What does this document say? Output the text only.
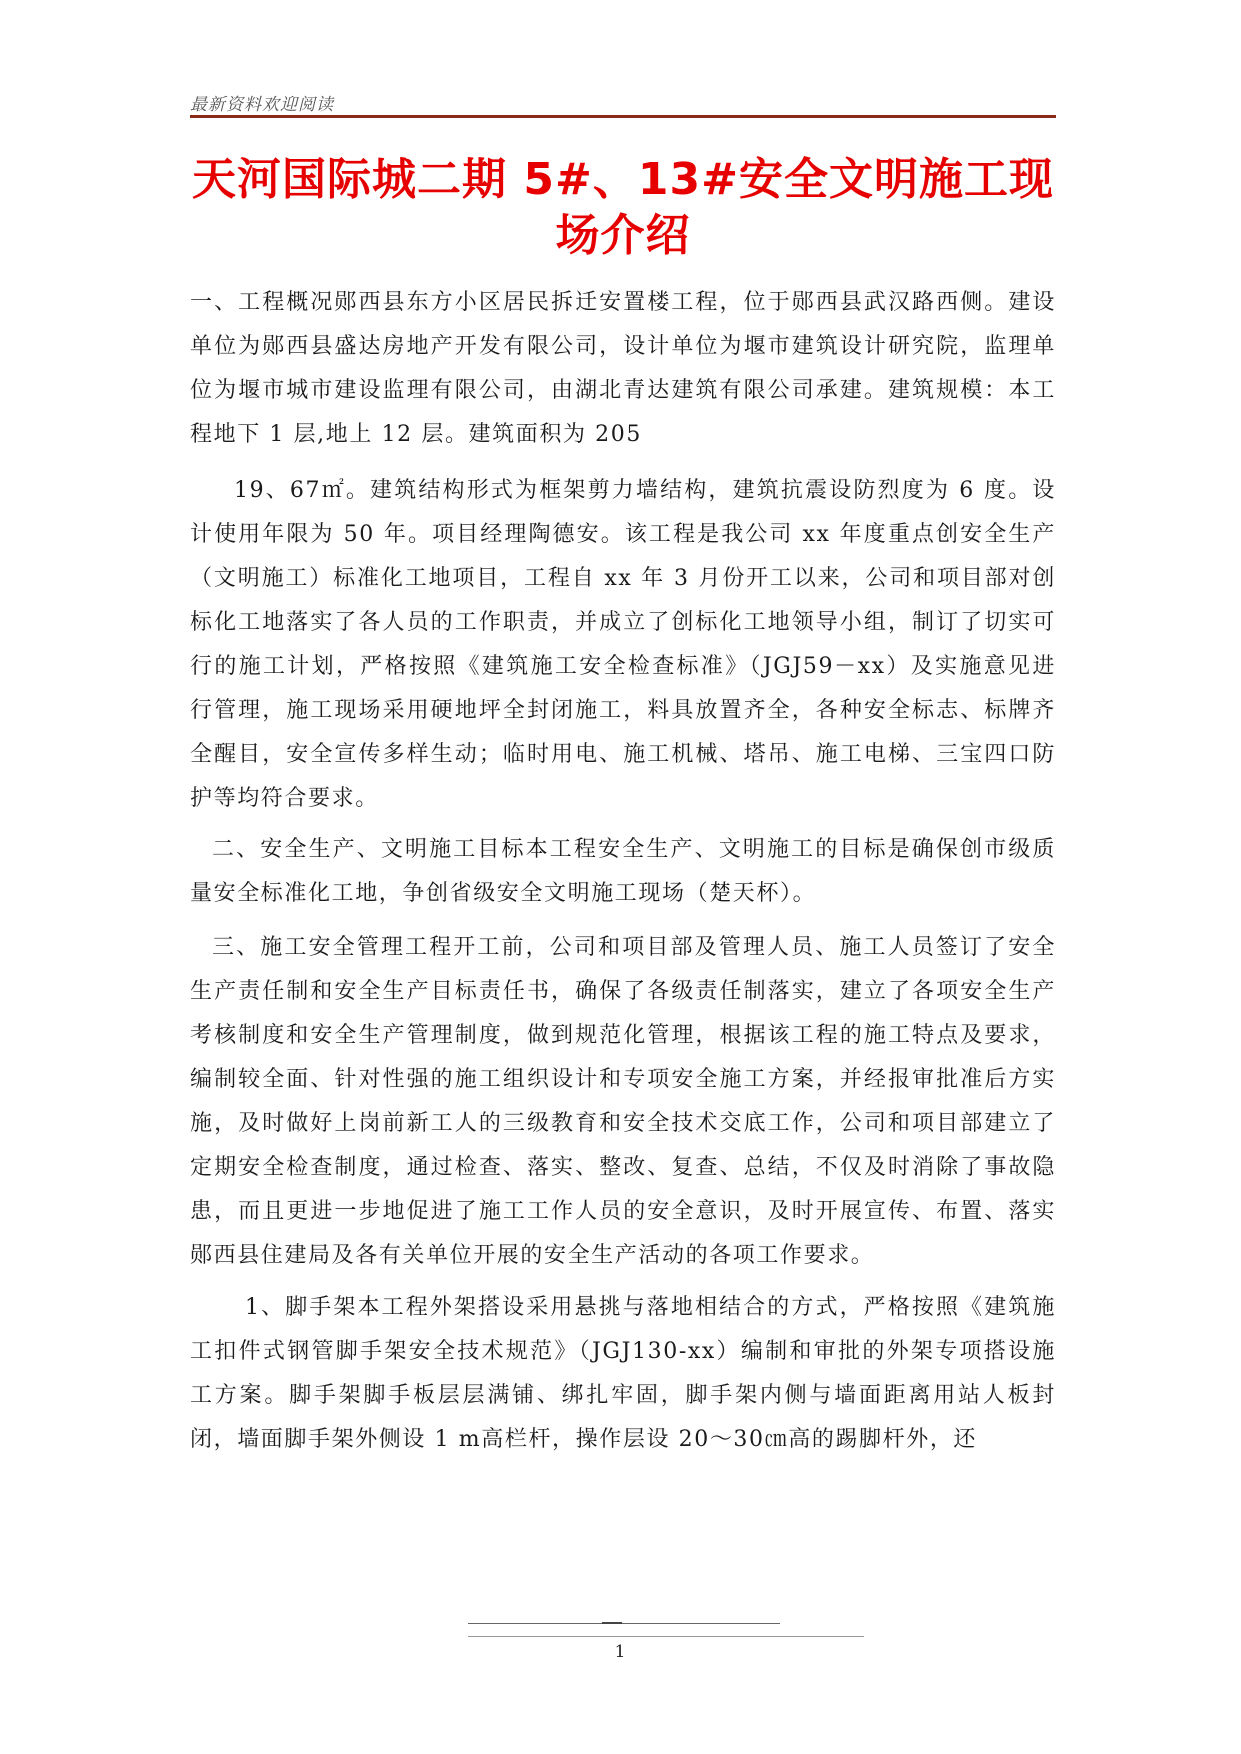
最新资料欢迎阅读
天河国际城二期 5#、13#安全文明施工现场介绍

一、工程概况郧西县东方小区居民拆迁安置楼工程，位于郧西县武汉路西侧。建设单位为郧西县盛达房地产开发有限公司，设计单位为堰市建筑设计研究院，监理单位为堰市城市建设监理有限公司，由湖北青达建筑有限公司承建。建筑规模：本工程地下 1 层,地上 12 层。建筑面积为 205

19、67㎡。建筑结构形式为框架剪力墙结构，建筑抗震设防烈度为 6 度。设计使用年限为 50 年。项目经理陶德安。该工程是我公司 xx 年度重点创安全生产（文明施工）标准化工地项目，工程自 xx 年 3 月份开工以来，公司和项目部对创标化工地落实了各人员的工作职责，并成立了创标化工地领导小组，制订了切实可行的施工计划，严格按照《建筑施工安全检查标准》（JGJ59－xx）及实施意见进行管理，施工现场采用硬地坪全封闭施工，料具放置齐全，各种安全标志、标牌齐全醒目，安全宣传多样生动；临时用电、施工机械、塔吊、施工电梯、三宝四口防护等均符合要求。

二、安全生产、文明施工目标本工程安全生产、文明施工的目标是确保创市级质量安全标准化工地，争创省级安全文明施工现场（楚天杯）。

三、施工安全管理工程开工前，公司和项目部及管理人员、施工人员签订了安全生产责任制和安全生产目标责任书，确保了各级责任制落实，建立了各项安全生产考核制度和安全生产管理制度，做到规范化管理，根据该工程的施工特点及要求，编制较全面、针对性强的施工组织设计和专项安全施工方案，并经报审批准后方实施，及时做好上岗前新工人的三级教育和安全技术交底工作，公司和项目部建立了定期安全检查制度，通过检查、落实、整改、复查、总结，不仅及时消除了事故隐患，而且更进一步地促进了施工工作人员的安全意识，及时开展宣传、布置、落实郧西县住建局及各有关单位开展的安全生产活动的各项工作要求。

1、脚手架本工程外架搭设采用悬挑与落地相结合的方式，严格按照《建筑施工扣件式钢管脚手架安全技术规范》（JGJ130-xx）编制和审批的外架专项搭设施工方案。脚手架脚手板层层满铺、绑扎牢固，脚手架内侧与墙面距离用站人板封闭，墙面脚手架外侧设 1 m高栏杆，操作层设 20～30㎝高的踢脚杆外，还

1
